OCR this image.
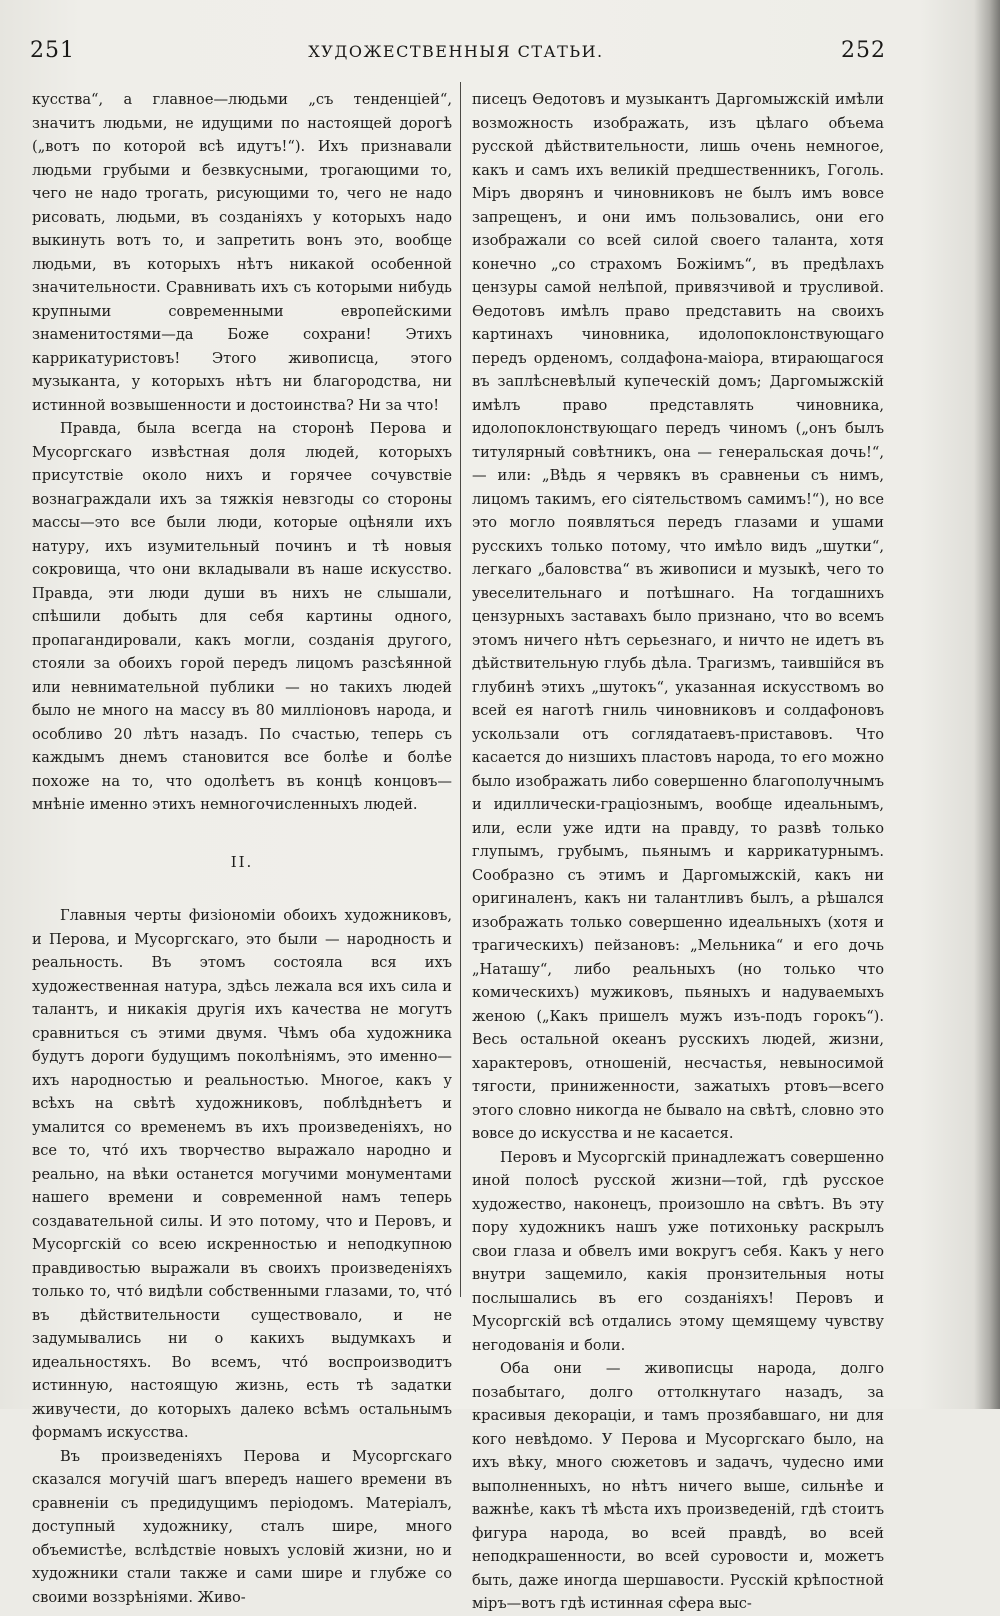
251	ХУДОЖЕСТВЕННЫЯ СТАТЬИ.	252

кусства“, а главное—людьми „съ тенденціей“, значитъ людьми, не идущими по настоящей дорогѣ („вотъ по которой всѣ идутъ!“). Ихъ признавали людьми грубыми и безвкусными, трогающими то, чего не надо трогать, рисующими то, чего не надо рисовать, людьми, въ созданіяхъ у которыхъ надо выкинуть вотъ то, и запретить вонъ это, вообще людьми, въ которыхъ нѣтъ никакой особенной значительности. Сравнивать ихъ съ которыми нибудь крупными современными европейскими знаменитостями—да Боже сохрани! Этихъ каррикатуристовъ! Этого живописца, этого музыканта, у которыхъ нѣтъ ни благородства, ни истинной возвышенности и достоинства? Ни за что!

Правда, была всегда на сторонѣ Перова и Мусоргскаго извѣстная доля людей, которыхъ присутствіе около нихъ и горячее сочувствіе вознаграждали ихъ за тяжкія невзгоды со стороны массы—это все были люди, которые оцѣняли ихъ натуру, ихъ изумительный починъ и тѣ новыя сокровища, что они вкладывали въ наше искусство. Правда, эти люди души въ нихъ не слышали, спѣшили добыть для себя картины одного, пропагандировали, какъ могли, созданія другого, стояли за обоихъ горой передъ лицомъ разсѣянной или невнимательной публики — но такихъ людей было не много на массу въ 80 милліоновъ народа, и особливо 20 лѣтъ назадъ. По счастью, теперь съ каждымъ днемъ становится все болѣе и болѣе похоже на то, что одолѣетъ въ концѣ концовъ—мнѣніе именно этихъ немногочисленныхъ людей.

II.

Главныя черты физіономіи обоихъ художниковъ, и Перова, и Мусоргскаго, это были — народность и реальность. Въ этомъ состояла вся ихъ художественная натура, здѣсь лежала вся ихъ сила и талантъ, и никакія другія ихъ качества не могутъ сравниться съ этими двумя. Чѣмъ оба художника будутъ дороги будущимъ поколѣніямъ, это именно—ихъ народностью и реальностью. Многое, какъ у всѣхъ на свѣтѣ художниковъ, поблѣднѣетъ и умалится со временемъ въ ихъ произведеніяхъ, но все то, что́ ихъ творчество выражало народно и реально, на вѣки останется могучими монументами нашего времени и современной намъ теперь создавательной силы. И это потому, что и Перовъ, и Мусоргскій со всею искренностью и неподкупною правдивостью выражали въ своихъ произведеніяхъ только то, что́ видѣли собственными глазами, то, что́ въ дѣйствительности существовало, и не задумывались ни о какихъ выдумкахъ и идеальностяхъ. Во всемъ, что́ воспроизводитъ истинную, настоящую жизнь, есть тѣ задатки живучести, до которыхъ далеко всѣмъ остальнымъ формамъ искусства.

Въ произведеніяхъ Перова и Мусоргскаго сказался могучій шагъ впередъ нашего времени въ сравненіи съ предидущимъ періодомъ. Матеріалъ, доступный художнику, сталъ шире, много объемистѣе, вслѣдствіе новыхъ условій жизни, но и художники стали также и сами шире и глубже со своими воззрѣніями. Живо-

писецъ Ѳедотовъ и музыкантъ Даргомыжскій имѣли возможность изображать, изъ цѣлаго объема русской дѣйствительности, лишь очень немногое, какъ и самъ ихъ великій предшественникъ, Гоголь. Міръ дворянъ и чиновниковъ не былъ имъ вовсе запрещенъ, и они имъ пользовались, они его изображали со всей силой своего таланта, хотя конечно „со страхомъ Божіимъ“, въ предѣлахъ цензуры самой нелѣпой, привязчивой и трусливой. Ѳедотовъ имѣлъ право представить на своихъ картинахъ чиновника, идолопоклонствующаго передъ орденомъ, солдафона-маіора, втирающагося въ заплѣсневѣлый купеческій домъ; Даргомыжскій имѣлъ право представлять чиновника, идолопоклонствующаго передъ чиномъ („онъ былъ титулярный совѣтникъ, она — генеральская дочь!“, — или: „Вѣдь я червякъ въ сравненьи съ нимъ, лицомъ такимъ, его сіятельствомъ самимъ!“), но все это могло появляться передъ глазами и ушами русскихъ только потому, что имѣло видъ „шутки“, легкаго „баловства“ въ живописи и музыкѣ, чего то увеселительнаго и потѣшнаго. На тогдашнихъ цензурныхъ заставахъ было признано, что во всемъ этомъ ничего нѣтъ серьезнаго, и ничто не идетъ въ дѣйствительную глубь дѣла. Трагизмъ, таившійся въ глубинѣ этихъ „шутокъ“, указанная искусствомъ во всей ея наготѣ гниль чиновниковъ и солдафоновъ ускользали отъ соглядатаевъ-приставовъ. Что касается до низшихъ пластовъ народа, то его можно было изображать либо совершенно благополучнымъ и идиллически-граціознымъ, вообще идеальнымъ, или, если уже идти на правду, то развѣ только глупымъ, грубымъ, пьянымъ и каррикатурнымъ. Сообразно съ этимъ и Даргомыжскій, какъ ни оригиналенъ, какъ ни талантливъ былъ, а рѣшался изображать только совершенно идеальныхъ (хотя и трагическихъ) пейзановъ: „Мельника“ и его дочь „Наташу“, либо реальныхъ (но только что комическихъ) мужиковъ, пьяныхъ и надуваемыхъ женою („Какъ пришелъ мужъ изъ-подъ горокъ“). Весь остальной океанъ русскихъ людей, жизни, характеровъ, отношеній, несчастья, невыносимой тягости, приниженности, зажатыхъ ртовъ—всего этого словно никогда не бывало на свѣтѣ, словно это вовсе до искусства и не касается.

Перовъ и Мусоргскій принадлежатъ совершенно иной полосѣ русской жизни—той, гдѣ русское художество, наконецъ, произошло на свѣтъ. Въ эту пору художникъ нашъ уже потихоньку раскрылъ свои глаза и обвелъ ими вокругъ себя. Какъ у него внутри защемило, какія пронзительныя ноты послышались въ его созданіяхъ! Перовъ и Мусоргскій всѣ отдались этому щемящему чувству негодованія и боли.

Оба они — живописцы народа, долго позабытаго, долго оттолкнутаго назадъ, за красивыя декораціи, и тамъ прозябавшаго, ни для кого невѣдомо. У Перова и Мусоргскаго было, на ихъ вѣку, много сюжетовъ и задачъ, чудесно ими выполненныхъ, но нѣтъ ничего выше, сильнѣе и важнѣе, какъ тѣ мѣста ихъ произведеній, гдѣ стоитъ фигура народа, во всей правдѣ, во всей неподкрашенности, во всей суровости и, можетъ быть, даже иногда шершавости. Русскій крѣпостной міръ—вотъ гдѣ истинная сфера выс-
